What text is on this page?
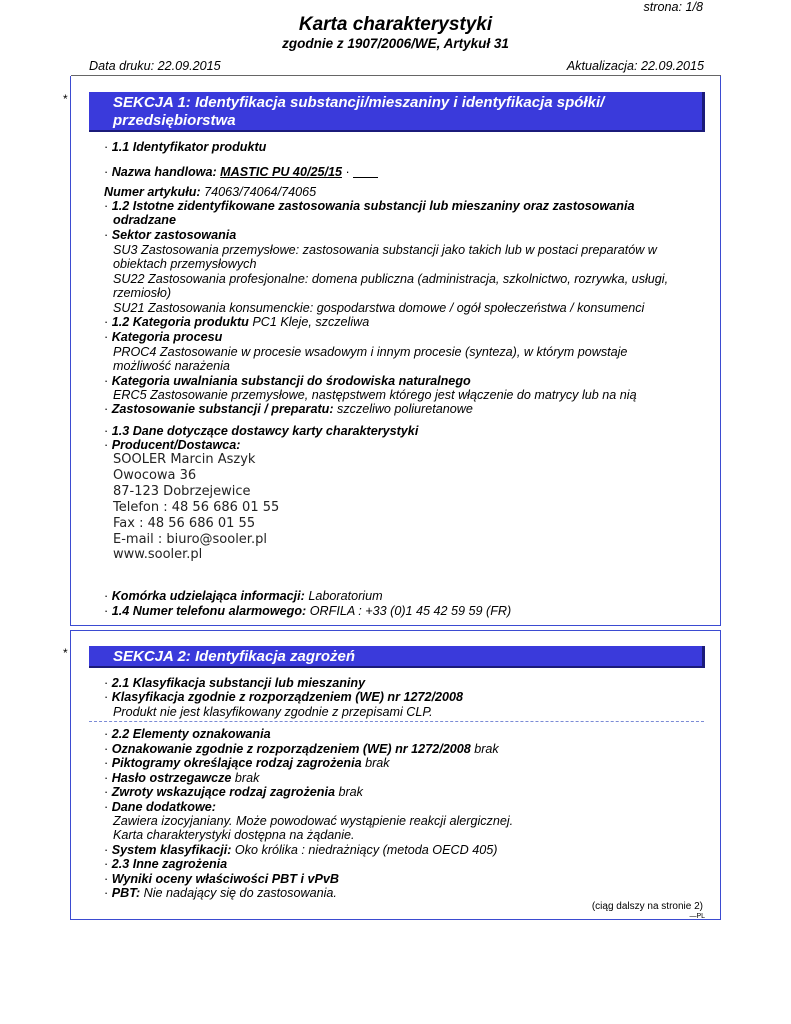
strona: 1/8
Karta charakterystyki
zgodnie z 1907/2006/WE, Artykuł 31
Data druku: 22.09.2015	Aktualizacja: 22.09.2015
*	SEKCJA 1: Identyfikacja substancji/mieszaniny i identyfikacja spółki/
przedsiębiorstwa
· 1.1 Identyfikator produktu
· Nazwa handlowa: MASTIC PU 40/25/15 ·
Numer artykułu: 74063/74064/74065
· 1.2 Istotne zidentyfikowane zastosowania substancji lub mieszaniny oraz zastosowania
odradzane
· Sektor zastosowania
SU3 Zastosowania przemysłowe: zastosowania substancji jako takich lub w postaci preparatów w
obiektach przemysłowych
SU22 Zastosowania profesjonalne: domena publiczna (administracja, szkolnictwo, rozrywka, usługi,
rzemiosło)
SU21 Zastosowania konsumenckie: gospodarstwa domowe / ogół społeczeństwa / konsumenci
· 1.2 Kategoria produktu PC1 Kleje, szczeliwa
· Kategoria procesu
PROC4 Zastosowanie w procesie wsadowym i innym procesie (synteza), w którym powstaje
możliwość narażenia
· Kategoria uwalniania substancji do środowiska naturalnego
ERC5 Zastosowanie przemysłowe, następstwem którego jest włączenie do matrycy lub na nią
· Zastosowanie substancji / preparatu: szczeliwo poliuretanowe
· 1.3 Dane dotyczące dostawcy karty charakterystyki
· Producent/Dostawca:
SOOLER Marcin Aszyk
Owocowa 36
87-123 Dobrzejewice
Telefon : 48 56 686 01 55
Fax : 48 56 686 01 55
E-mail : biuro@sooler.pl
www.sooler.pl
· Komórka udzielająca informacji: Laboratorium
· 1.4 Numer telefonu alarmowego: ORFILA : +33 (0)1 45 42 59 59 (FR)
*	SEKCJA 2: Identyfikacja zagrożeń
· 2.1 Klasyfikacja substancji lub mieszaniny
· Klasyfikacja zgodnie z rozporządzeniem (WE) nr 1272/2008
Produkt nie jest klasyfikowany zgodnie z przepisami CLP.
· 2.2 Elementy oznakowania
· Oznakowanie zgodnie z rozporządzeniem (WE) nr 1272/2008 brak
· Piktogramy określające rodzaj zagrożenia brak
· Hasło ostrzegawcze brak
· Zwroty wskazujące rodzaj zagrożenia brak
· Dane dodatkowe:
Zawiera izocyjaniany. Może powodować wystąpienie reakcji alergicznej.
Karta charakterystyki dostępna na żądanie.
· System klasyfikacji: Oko królika : niedrażniący (metoda OECD 405)
· 2.3 Inne zagrożenia
· Wyniki oceny właściwości PBT i vPvB
· PBT: Nie nadający się do zastosowania.
(ciąg dalszy na stronie 2)
— PL
